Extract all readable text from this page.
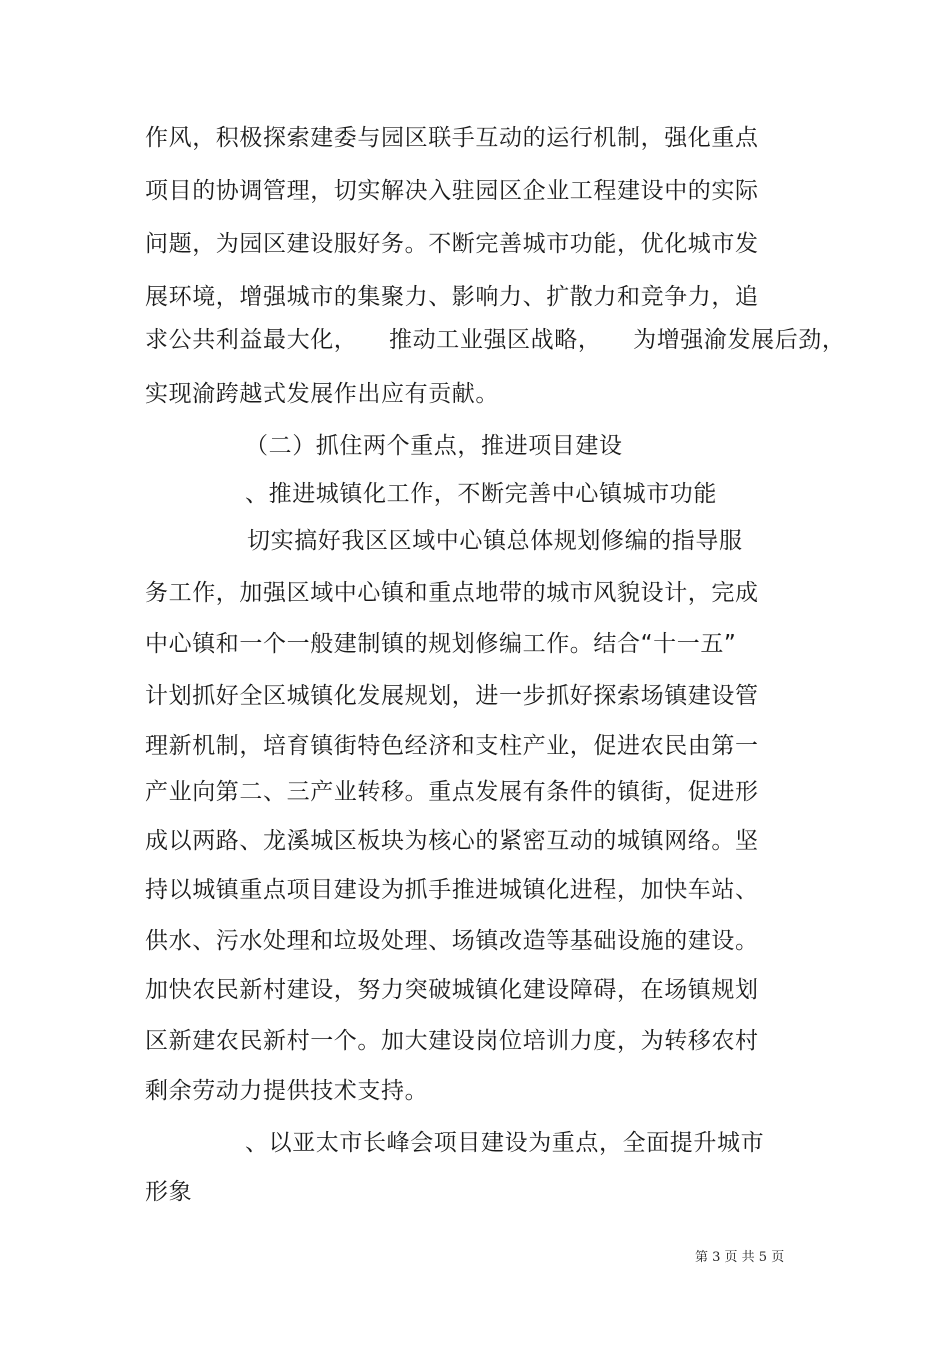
作风，积极探索建委与园区联手互动的运行机制，强化重点
项目的协调管理，切实解决入驻园区企业工程建设中的实际
问题，为园区建设服好务。不断完善城市功能，优化城市发
展环境，增强城市的集聚力、影响力、扩散力和竞争力，追
求公共利益最大化，    推动工业强区战略，    为增强渝发展后劲，
实现渝跨越式发展作出应有贡献。
（二）抓住两个重点，推进项目建设
、推进城镇化工作，不断完善中心镇城市功能
切实搞好我区区域中心镇总体规划修编的指导服
务工作，加强区域中心镇和重点地带的城市风貌设计，完成
中心镇和一个一般建制镇的规划修编工作。结合“十一五”
计划抓好全区城镇化发展规划，进一步抓好探索场镇建设管
理新机制，培育镇街特色经济和支柱产业，促进农民由第一
产业向第二、三产业转移。重点发展有条件的镇街，促进形
成以两路、龙溪城区板块为核心的紧密互动的城镇网络。坚
持以城镇重点项目建设为抓手推进城镇化进程，加快车站、
供水、污水处理和垃圾处理、场镇改造等基础设施的建设。
加快农民新村建设，努力突破城镇化建设障碍，在场镇规划
区新建农民新村一个。加大建设岗位培训力度，为转移农村
剩余劳动力提供技术支持。
、以亚太市长峰会项目建设为重点，全面提升城市
形象
第 3 页 共 5 页
